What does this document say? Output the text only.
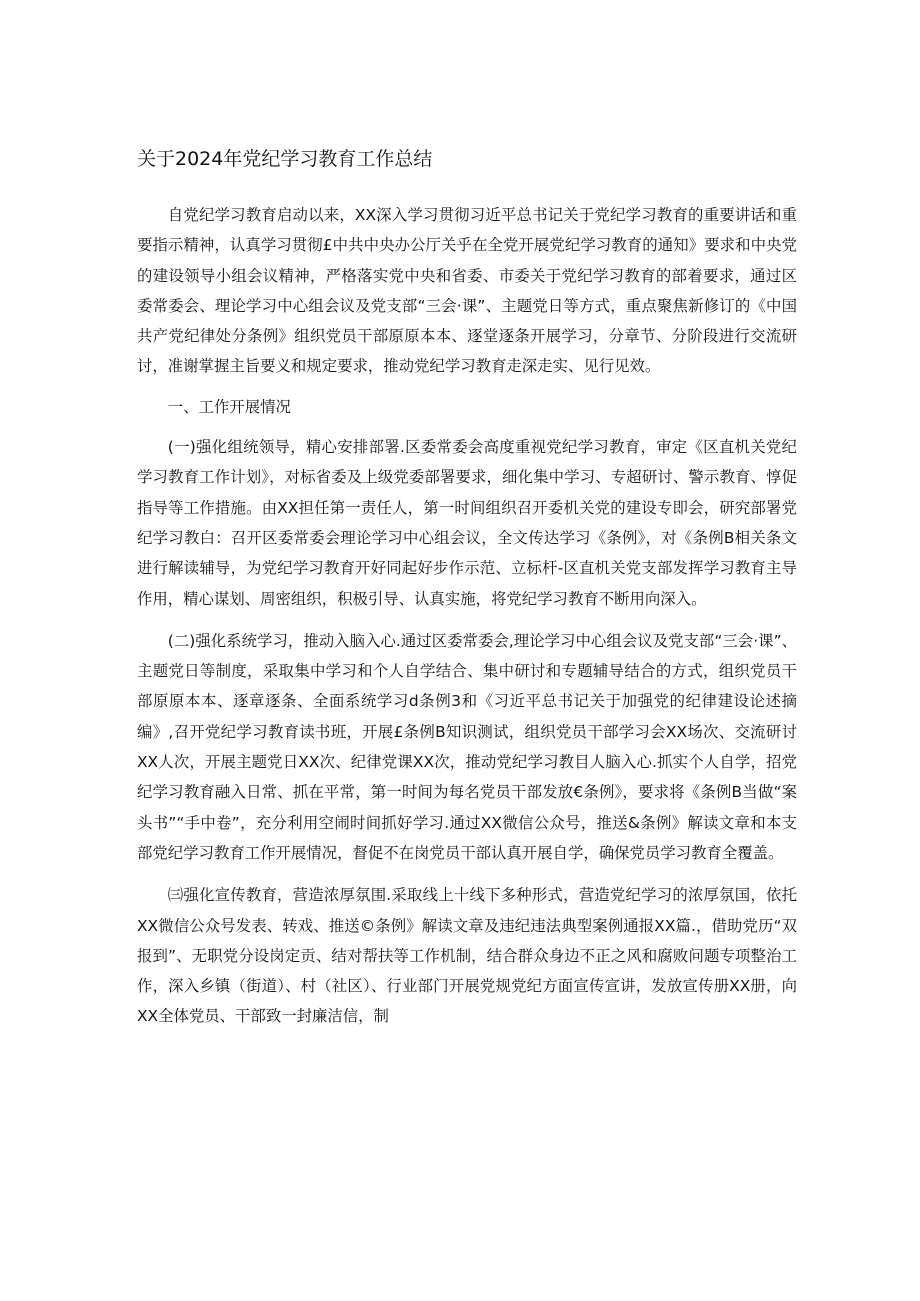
关于2024年党纪学习教育工作总结

自党纪学习教育启动以来，XX深入学习贯彻习近平总书记关于党纪学习教育的重要讲话和重要指示精神，认真学习贯彻£中共中央办公厅关乎在全党开展党纪学习教育的通知》要求和中央党的建设领导小组会议精神，严格落实党中央和省委、市委关于党纪学习教育的部着要求，通过区委常委会、理论学习中心组会议及党支部“三会·课”、主题党日等方式，重点聚焦新修订的《中国共产党纪律处分条例》组织党员干部原原本本、逐堂逐条开展学习，分章节、分阶段进行交流研讨，准谢掌握主旨要义和规定要求，推动党纪学习教育走深走实、见行见效。

一、工作开展情况

(一)强化组统领导，精心安排部署.区委常委会高度重视党纪学习教育，审定《区直机关党纪学习教育工作计划》，对标省委及上级党委部署要求，细化集中学习、专超研讨、警示教育、惇促指导等工作措施。由XX担任第一责任人，第一时间组织召开委机关党的建设专即会，研究部署党纪学习教白：召开区委常委会理论学习中心组会议，全文传达学习《条例》，对《条例B相关条文进行解读辅导，为党纪学习教育开好同起好步作示范、立标杆-区直机关党支部发挥学习教育主导作用，精心谋划、周密组织，积极引导、认真实施，将党纪学习教育不断用向深入。

(二)强化系统学习，推动入脑入心.通过区委常委会,理论学习中心组会议及党支部“三会·课”、主题党日等制度，采取集中学习和个人自学结合、集中研讨和专题辅导结合的方式，组织党员干部原原本本、逐章逐条、全面系统学习d条例3和《习近平总书记关于加强党的纪律建设论述摘编》,召开党纪学习教育读书班，开展£条例B知识测试，组织党员干部学习会XX场次、交流研讨XX人次，开展主题党日XX次、纪律党课XX次，推动党纪学习教目人脑入心.抓实个人自学，招党纪学习教育融入日常、抓在平常，第一时间为每名党员干部发放€条例》，要求将《条例B当做“案头书”“手中卷”，充分利用空闹时间抓好学习.通过XX微信公众号，推送&条例》解读文章和本支部党纪学习教育工作开展情况，督促不在岗党员干部认真开展自学，确保党员学习教育全覆盖。

㈢强化宣传教育，营造浓厚氛围.采取线上十线下多种形式，营造党纪学习的浓厚氛国，依托XX微信公众号发表、转戏、推送©条例》解读文章及违纪违法典型案例通报XX篇.，借助党历“双报到”、无职党分设岗定贡、结对帮扶等工作机制，结合群众身边不正之风和腐败问题专项整治工作，深入乡镇（街道）、村（社区）、行业部门开展党规党纪方面宣传宣讲，发放宣传册XX册，向XX全体党员、干部致一封廉洁信，制
